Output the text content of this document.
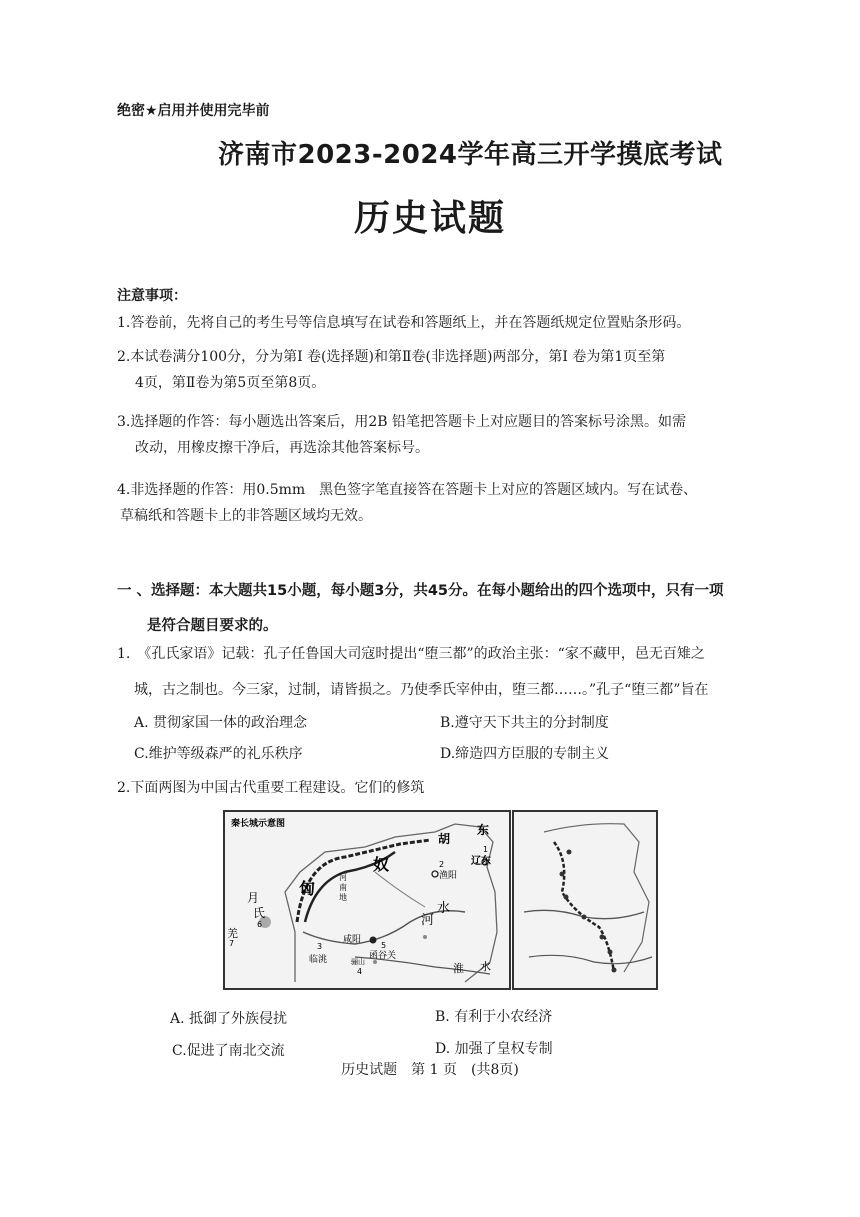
绝密★启用并使用完毕前
济南市2023-2024学年高三开学摸底考试
历史试题
注意事项：
1.答卷前，先将自己的考生号等信息填写在试卷和答题纸上，并在答题纸规定位置贴条形码。
2.本试卷满分100分，分为第Ⅰ 卷(选择题)和第Ⅱ卷(非选择题)两部分，第Ⅰ 卷为第1页至第
4页，第Ⅱ卷为第5页至第8页。
3.选择题的作答：每小题选出答案后，用2B 铅笔把答题卡上对应题目的答案标号涂黑。如需
改动，用橡皮擦干净后，再选涂其他答案标号。
4.非选择题的作答：用0.5mm　黑色签字笔直接答在答题卡上对应的答题区域内。写在试卷、
草稿纸和答题卡上的非答题区域均无效。
一 、选择题：本大题共15小题，每小题3分，共45分。在每小题给出的四个选项中，只有一项
是符合题目要求的。
1.　《孔氏家语》记载：孔子任鲁国大司寇时提出“堕三都”的政治主张：“家不藏甲，邑无百雉之
城，古之制也。今三家，过制，请皆损之。乃使季氏宰仲由，堕三都……。”孔子“堕三都”旨在
A. 贯彻家国一体的政治理念	B.遵守天下共主的分封制度
C.维护等级森严的礼乐秩序	D.缔造四方臣服的专制主义
2.下面两图为中国古代重要工程建设。它们的修筑
秦长城示意图
胡
东
奴
匈
辽东
渔阳
河
南
地
月
氏
羌	咸阳
函谷关
临洮	骊山
河
水
淮 水
1
2
3
4
5
6
7
A. 抵御了外族侵扰	B. 有利于小农经济
C.促进了南北交流	D. 加强了皇权专制
历史试题　第 1 页　(共8页)
